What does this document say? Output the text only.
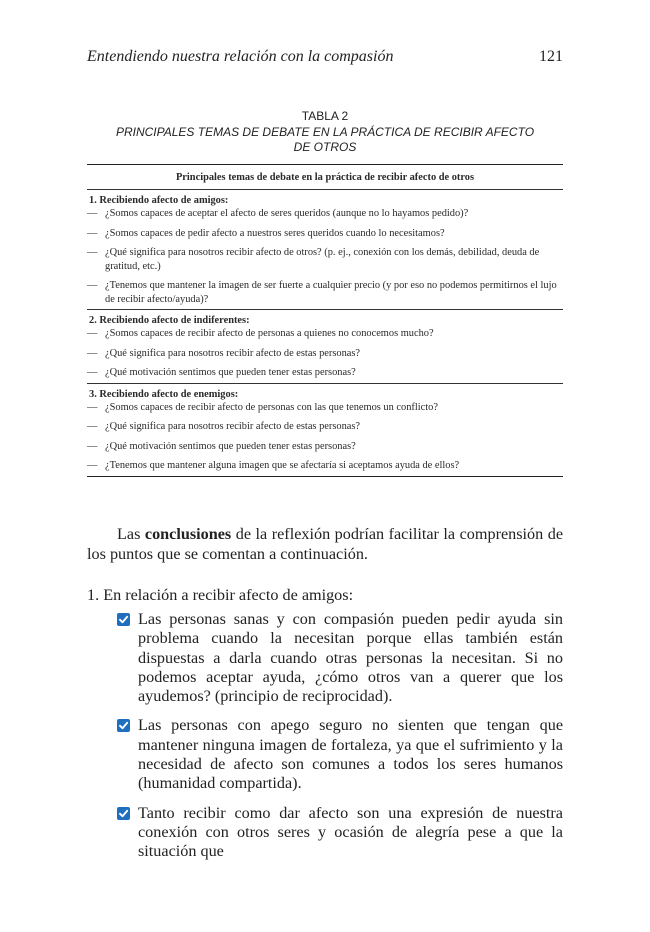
Entendiendo nuestra relación con la compasión	121
TABLA 2
PRINCIPALES TEMAS DE DEBATE EN LA PRÁCTICA DE RECIBIR AFECTO
DE OTROS
Principales temas de debate en la práctica de recibir afecto de otros
1. Recibiendo afecto de amigos:
— ¿Somos capaces de aceptar el afecto de seres queridos (aunque no lo hayamos pedido)?
— ¿Somos capaces de pedir afecto a nuestros seres queridos cuando lo necesitamos?
— ¿Qué significa para nosotros recibir afecto de otros? (p. ej., conexión con los demás, debilidad, deuda de gratitud, etc.)
— ¿Tenemos que mantener la imagen de ser fuerte a cualquier precio (y por eso no podemos permitirnos el lujo de recibir afecto/ayuda)?
2. Recibiendo afecto de indiferentes:
— ¿Somos capaces de recibir afecto de personas a quienes no conocemos mucho?
— ¿Qué significa para nosotros recibir afecto de estas personas?
— ¿Qué motivación sentimos que pueden tener estas personas?
3. Recibiendo afecto de enemigos:
— ¿Somos capaces de recibir afecto de personas con las que tenemos un conflicto?
— ¿Qué significa para nosotros recibir afecto de estas personas?
— ¿Qué motivación sentimos que pueden tener estas personas?
— ¿Tenemos que mantener alguna imagen que se afectaría si aceptamos ayuda de ellos?
Las conclusiones de la reflexión podrían facilitar la comprensión de los puntos que se comentan a continuación.
1. En relación a recibir afecto de amigos:
Las personas sanas y con compasión pueden pedir ayuda sin problema cuando la necesitan porque ellas también están dispuestas a darla cuando otras personas la necesitan. Si no podemos aceptar ayuda, ¿cómo otros van a querer que los ayudemos? (principio de reciprocidad).
Las personas con apego seguro no sienten que tengan que mantener ninguna imagen de fortaleza, ya que el sufrimiento y la necesidad de afecto son comunes a todos los seres humanos (humanidad compartida).
Tanto recibir como dar afecto son una expresión de nuestra conexión con otros seres y ocasión de alegría pese a que la situación que
